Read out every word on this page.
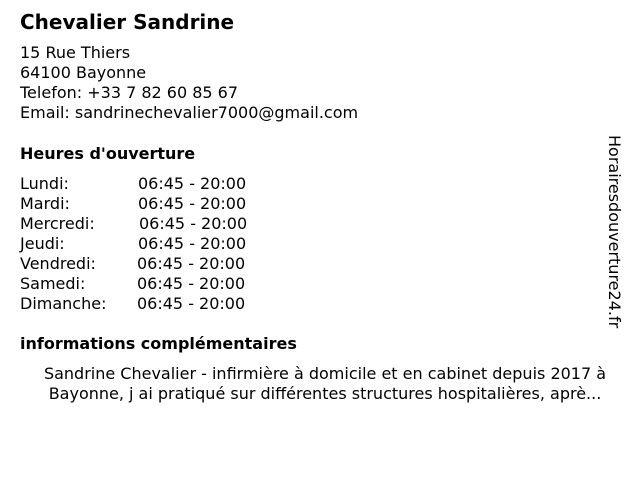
Chevalier Sandrine
15 Rue Thiers
64100 Bayonne
Telefon: +33 7 82 60 85 67
Email: sandrinechevalier7000@gmail.com
Heures d'ouverture
Lundi:	06:45 - 20:00
Mardi:	06:45 - 20:00
Mercredi:	06:45 - 20:00
Jeudi:	06:45 - 20:00
Vendredi:	06:45 - 20:00
Samedi:	06:45 - 20:00
Dimanche: 06:45 - 20:00
informations complémentaires
Sandrine Chevalier - infirmière à domicile et en cabinet depuis 2017 à
Bayonne, j ai pratiqué sur différentes structures hospitalières, aprè...
Horairesdouverture24.fr
